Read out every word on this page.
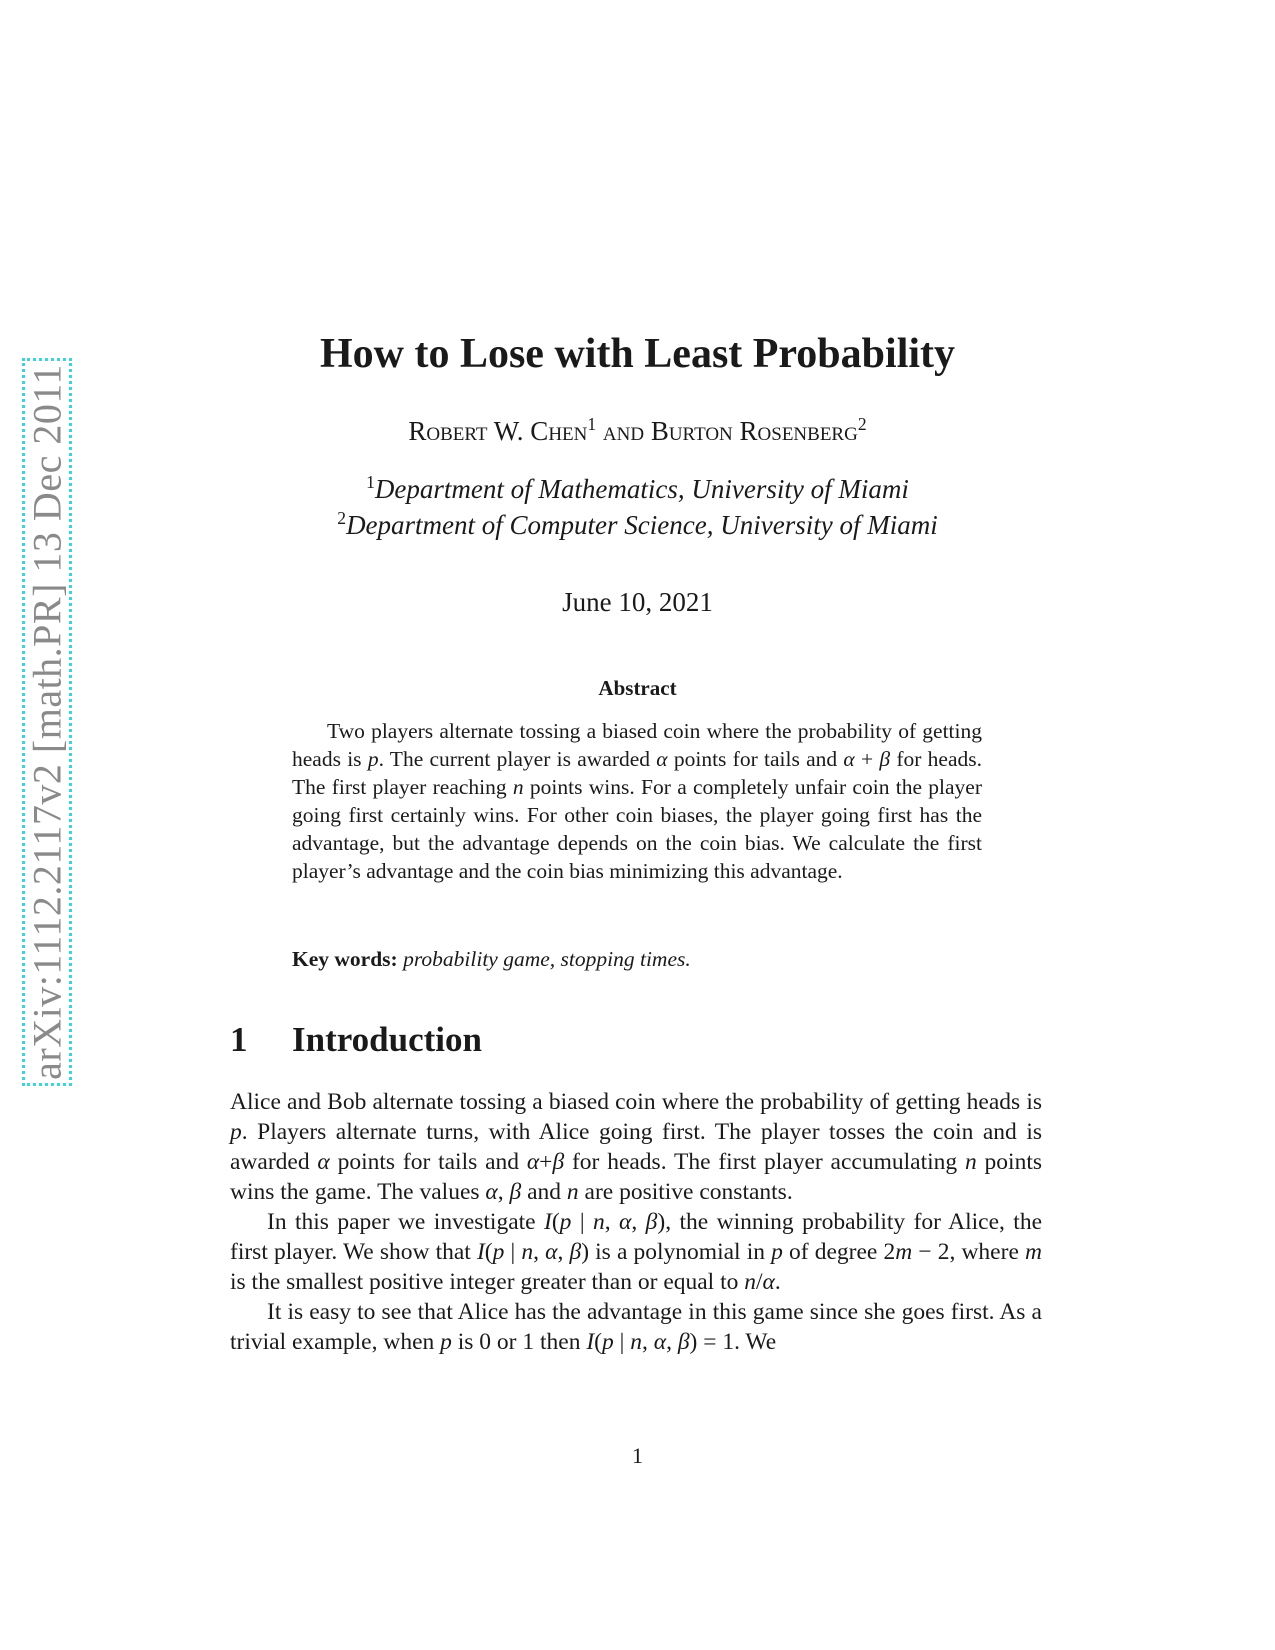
arXiv:1112.2117v2 [math.PR] 13 Dec 2011
How to Lose with Least Probability
Robert W. Chen$^1$ and Burton Rosenberg$^2$
$^1$Department of Mathematics, University of Miami
$^2$Department of Computer Science, University of Miami
June 10, 2021
Abstract

Two players alternate tossing a biased coin where the probability of getting heads is p. The current player is awarded α points for tails and α + β for heads. The first player reaching n points wins. For a completely unfair coin the player going first certainly wins. For other coin biases, the player going first has the advantage, but the advantage depends on the coin bias. We calculate the first player’s advantage and the coin bias minimizing this advantage.

Key words: probability game, stopping times.
1 Introduction

Alice and Bob alternate tossing a biased coin where the probability of getting heads is p. Players alternate turns, with Alice going first. The player tosses the coin and is awarded α points for tails and α+β for heads. The first player accumulating n points wins the game. The values α, β and n are positive constants.

In this paper we investigate I(p | n, α, β), the winning probability for Alice, the first player. We show that I(p | n, α, β) is a polynomial in p of degree 2m − 2, where m is the smallest positive integer greater than or equal to n/α.

It is easy to see that Alice has the advantage in this game since she goes first. As a trivial example, when p is 0 or 1 then I(p | n, α, β) = 1. We

1
